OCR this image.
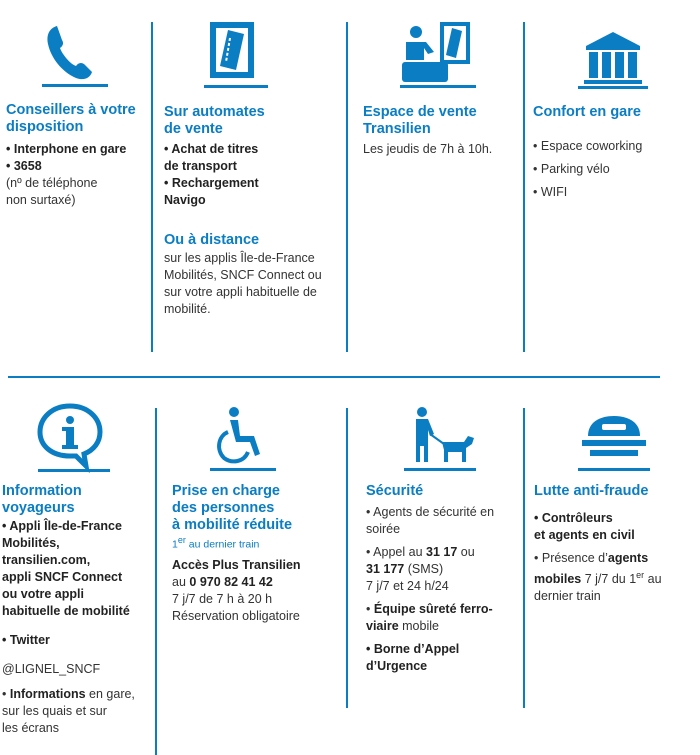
Conseillers à votre

disposition

• Interphone en gare

• 3658

(nº de téléphone

non surtaxé)

Sur automates

de vente

• Achat de titres

de transport

• Rechargement

Navigo

Ou à distance

sur les applis Île-de-France

Mobilités, SNCF Connect ou

sur votre appli habituelle de

mobilité.

Espace de vente

Transilien

Les jeudis de 7h à 10h.
Confort en gare

• Espace coworking

• Parking vélo

• WIFI

Information

voyageurs

• Appli Île-de-France

Mobilités,

transilien.com,

appli SNCF Connect

ou votre appli

habituelle de mobilité

• Twitter

@LIGNEL_SNCF

• Informations en gare,

sur les quais et sur

les écrans

Prise en charge

des personnes

à mobilité réduite

1er au dernier train

Accès Plus Transilien

au 0 970 82 41 42

7 j/7 de 7 h à 20 h

Réservation obligatoire

Sécurité

• Agents de sécurité en

soirée

• Appel au 31 17 ou

31 177 (SMS)

7 j/7 et 24 h/24

• Équipe sûreté ferro-

viaire mobile

• Borne d’Appel

d’Urgence

Lutte anti-fraude

• Contrôleurs

et agents en civil

• Présence d’agents

mobiles 7 j/7 du 1er au

dernier train
